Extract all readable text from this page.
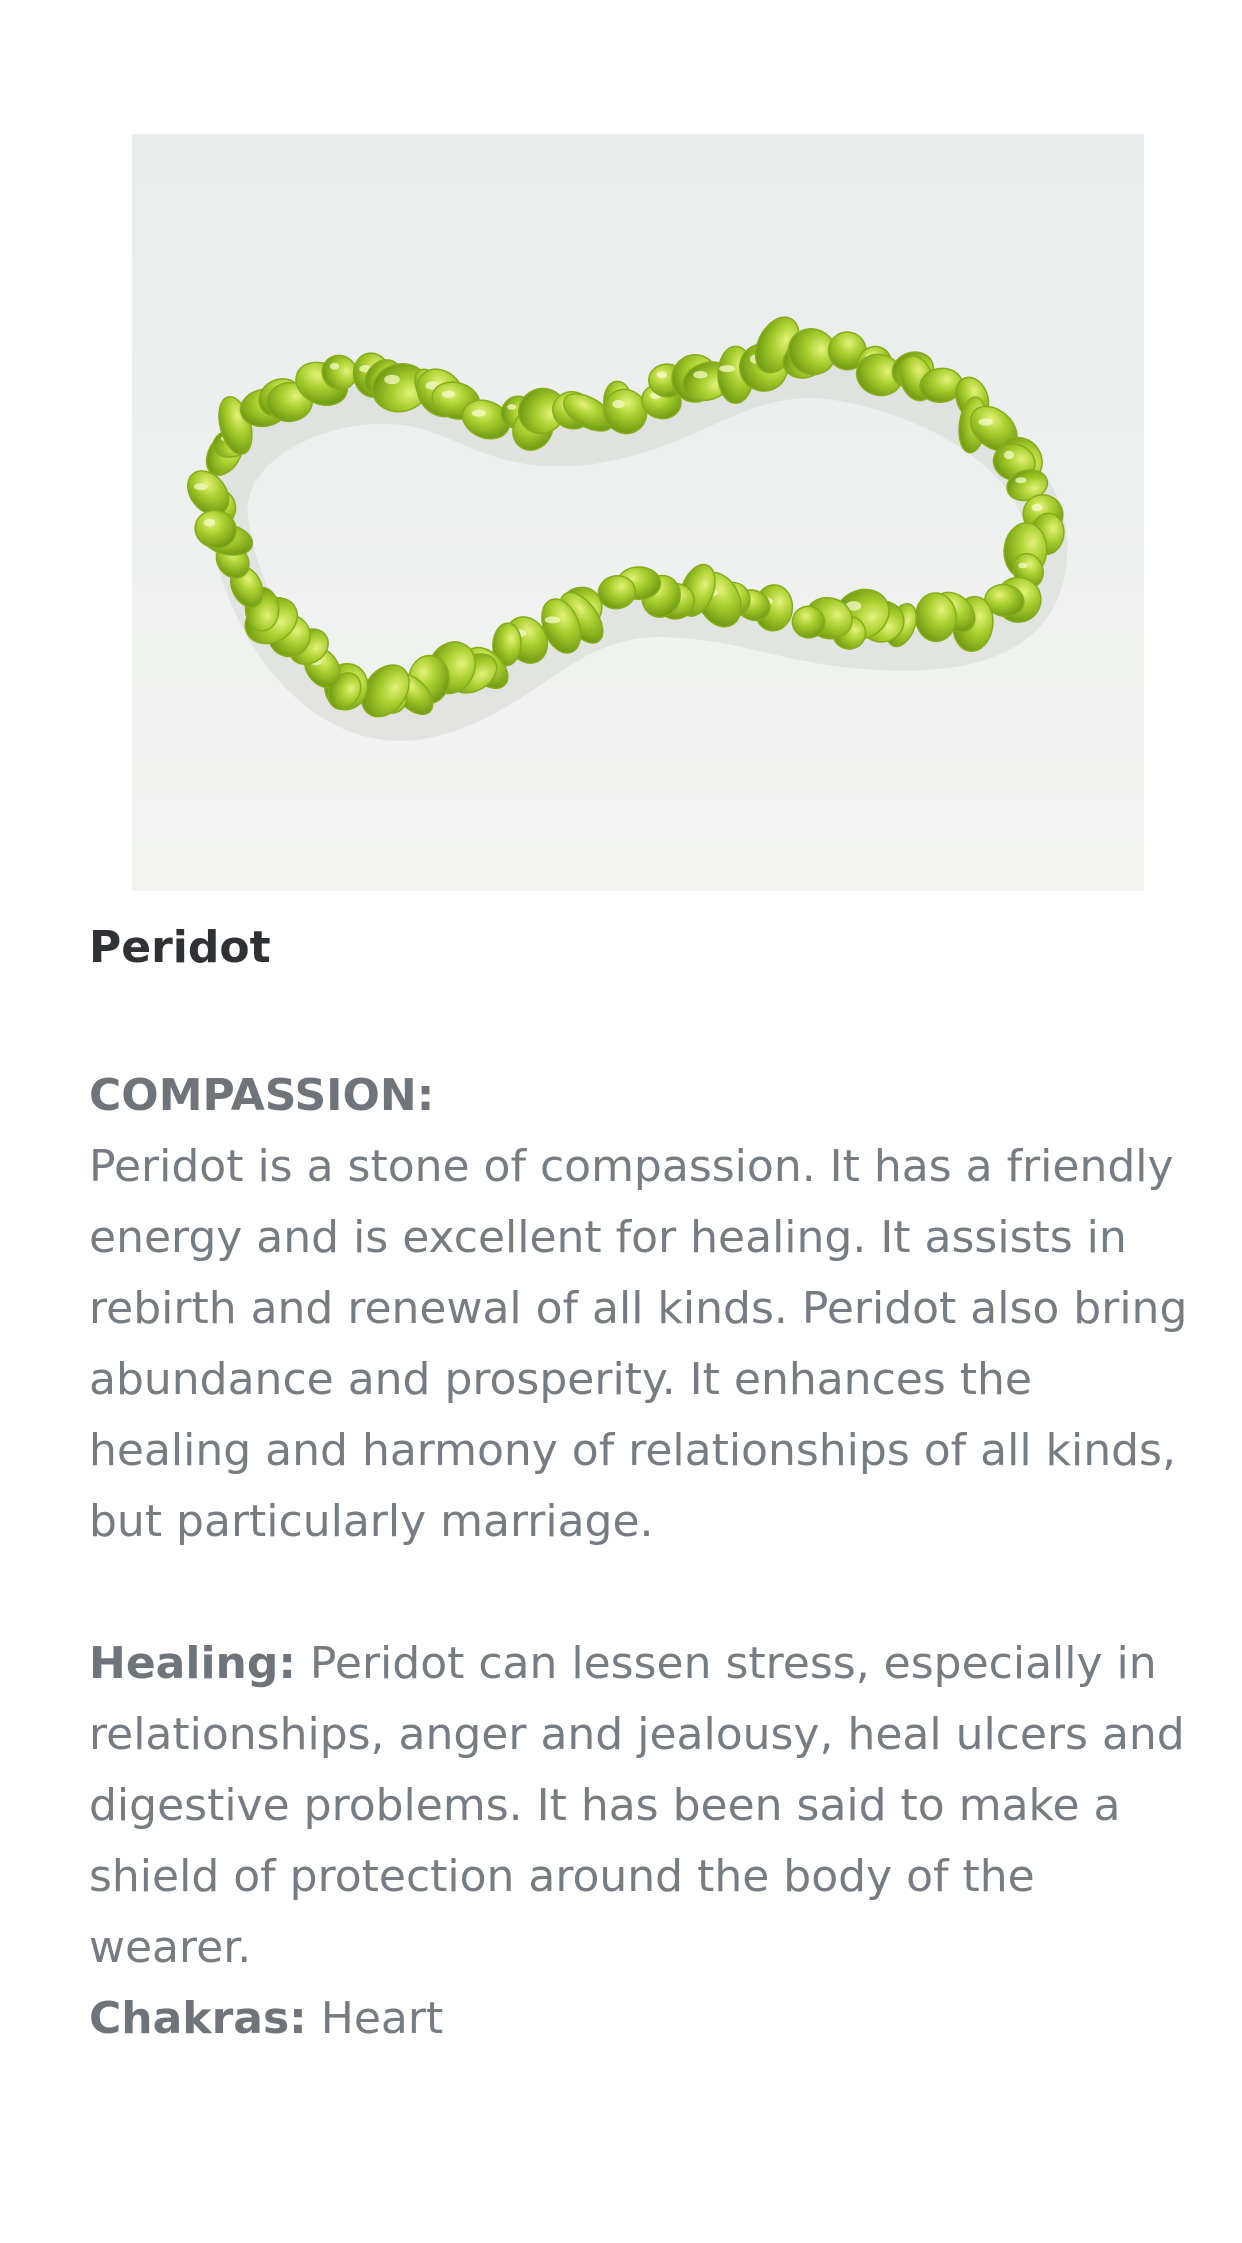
Peridot
COMPASSION:

Peridot is a stone of compassion. It has a friendly energy and is excellent for healing. It assists in rebirth and renewal of all kinds. Peridot also bring abundance and prosperity. It enhances the healing and harmony of relationships of all kinds, but particularly marriage.

Healing: Peridot can lessen stress, especially in relationships, anger and jealousy, heal ulcers and digestive problems. It has been said to make a shield of protection around the body of the wearer.

Chakras: Heart
